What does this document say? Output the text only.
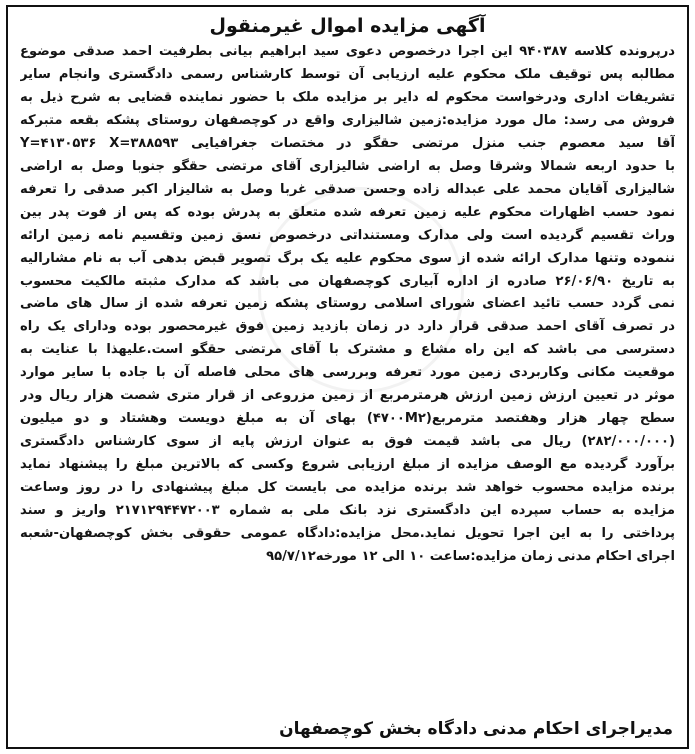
آگهی مزایده اموال غیرمنقول
درپرونده کلاسه ۹۴۰۳۸۷ این اجرا درخصوص دعوی سید ابراهیم بیانی بطرفیت احمد صدقی موضوع
مطالبه پس توقیف ملک محکوم علیه ارزیابی آن توسط کارشناس رسمی دادگستری وانجام سایر
تشریفات اداری ودرخواست محکوم له دایر بر مزایده ملک با حضور نماینده قضایی به شرح ذیل به
فروش می رسد: مال مورد مزایده:زمین شالیزاری واقع در کوچصفهان روستای پشکه بقعه متبرکه
آقا سید معصوم جنب منزل مرتضی حقگو در مختصات جغرافیایی Y=۴۱۳۰۵۳۶ X=۳۸۸۵۹۳
با حدود اربعه شمالا وشرقا وصل به اراضی شالیزاری آقای مرتضی حقگو جنوبا وصل به اراضی
شالیزاری آقایان محمد علی عبداله زاده وحسن صدقی غربا وصل به شالیزار اکبر صدقی را تعرفه
نمود حسب اظهارات محکوم علیه زمین تعرفه شده متعلق به پدرش بوده که پس از فوت پدر بین
وراث تقسیم گردیده است ولی مدارک ومستنداتی درخصوص نسق زمین وتقسیم نامه زمین ارائه
ننموده وتنها مدارک ارائه شده از سوی محکوم علیه یک برگ تصویر قبض بدهی آب به نام مشارالیه
به تاریخ ۲۶/۰۶/۹۰ صادره از اداره آبیاری کوچصفهان می باشد که مدارک مثبته مالکیت محسوب
نمی گردد حسب تائید اعضای شورای اسلامی روستای پشکه زمین تعرفه شده از سال های ماضی
در تصرف آقای احمد صدقی قرار دارد در زمان بازدید زمین فوق غیرمحصور بوده ودارای یک راه
دسترسی می باشد که این راه مشاع و مشترک با آقای مرتضی حقگو است.علیهذا با عنایت به
موقعیت مکانی وکاربردی زمین مورد تعرفه وبررسی های محلی فاصله آن با جاده با سایر موارد
موثر در تعیین ارزش زمین ارزش هرمترمربع از زمین مزروعی از قرار متری شصت هزار ریال ودر
سطح چهار هزار وهفتصد مترمربع(۴۷۰۰M۲) بهای آن به مبلغ دویست وهشتاد و دو میلیون
(۲۸۲/۰۰۰/۰۰۰) ریال می باشد قیمت فوق به عنوان ارزش پایه از سوی کارشناس دادگستری
برآورد گردیده مع الوصف مزایده از مبلغ ارزیابی شروع وکسی که بالاترین مبلغ را پیشنهاد نماید
برنده مزایده محسوب خواهد شد برنده مزایده می بایست کل مبلغ پیشنهادی را در روز وساعت
مزایده به حساب سپرده این دادگستری نزد بانک ملی به شماره ۲۱۷۱۲۹۴۴۷۲۰۰۳ واریز و سند
پرداختی را به این اجرا تحویل نماید.محل مزایده:دادگاه عمومی حقوقی بخش کوچصفهان-شعبه
اجرای احکام مدنی زمان مزایده:ساعت ۱۰ الی ۱۲ مورخه۹۵/۷/۱۲
مدیراجرای احکام مدنی دادگاه بخش کوچصفهان
